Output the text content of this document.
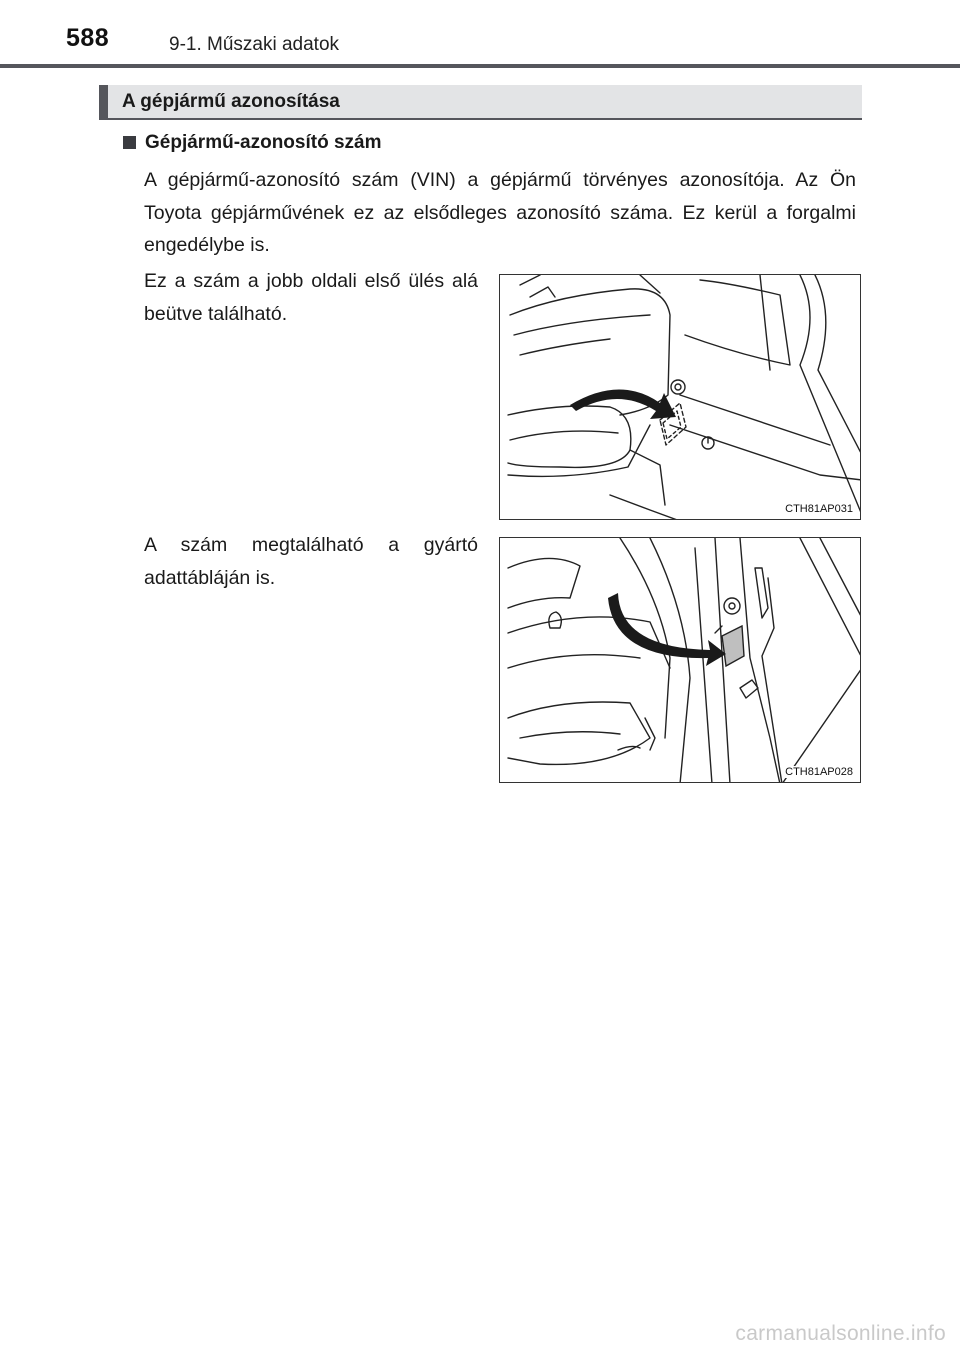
588	9-1. Műszaki adatok
A gépjármű azonosítása
Gépjármű-azonosító szám
A gépjármű-azonosító szám (VIN) a gépjármű törvényes azonosítója. Az Ön Toyota gépjárművének ez az elsődleges azonosító száma. Ez kerül a forgalmi engedélybe is.
Ez a szám a jobb oldali első ülés alá beütve található.
CTH81AP031
A szám megtalálható a gyártó adattábláján is.
CTH81AP028
carmanualsonline.info
